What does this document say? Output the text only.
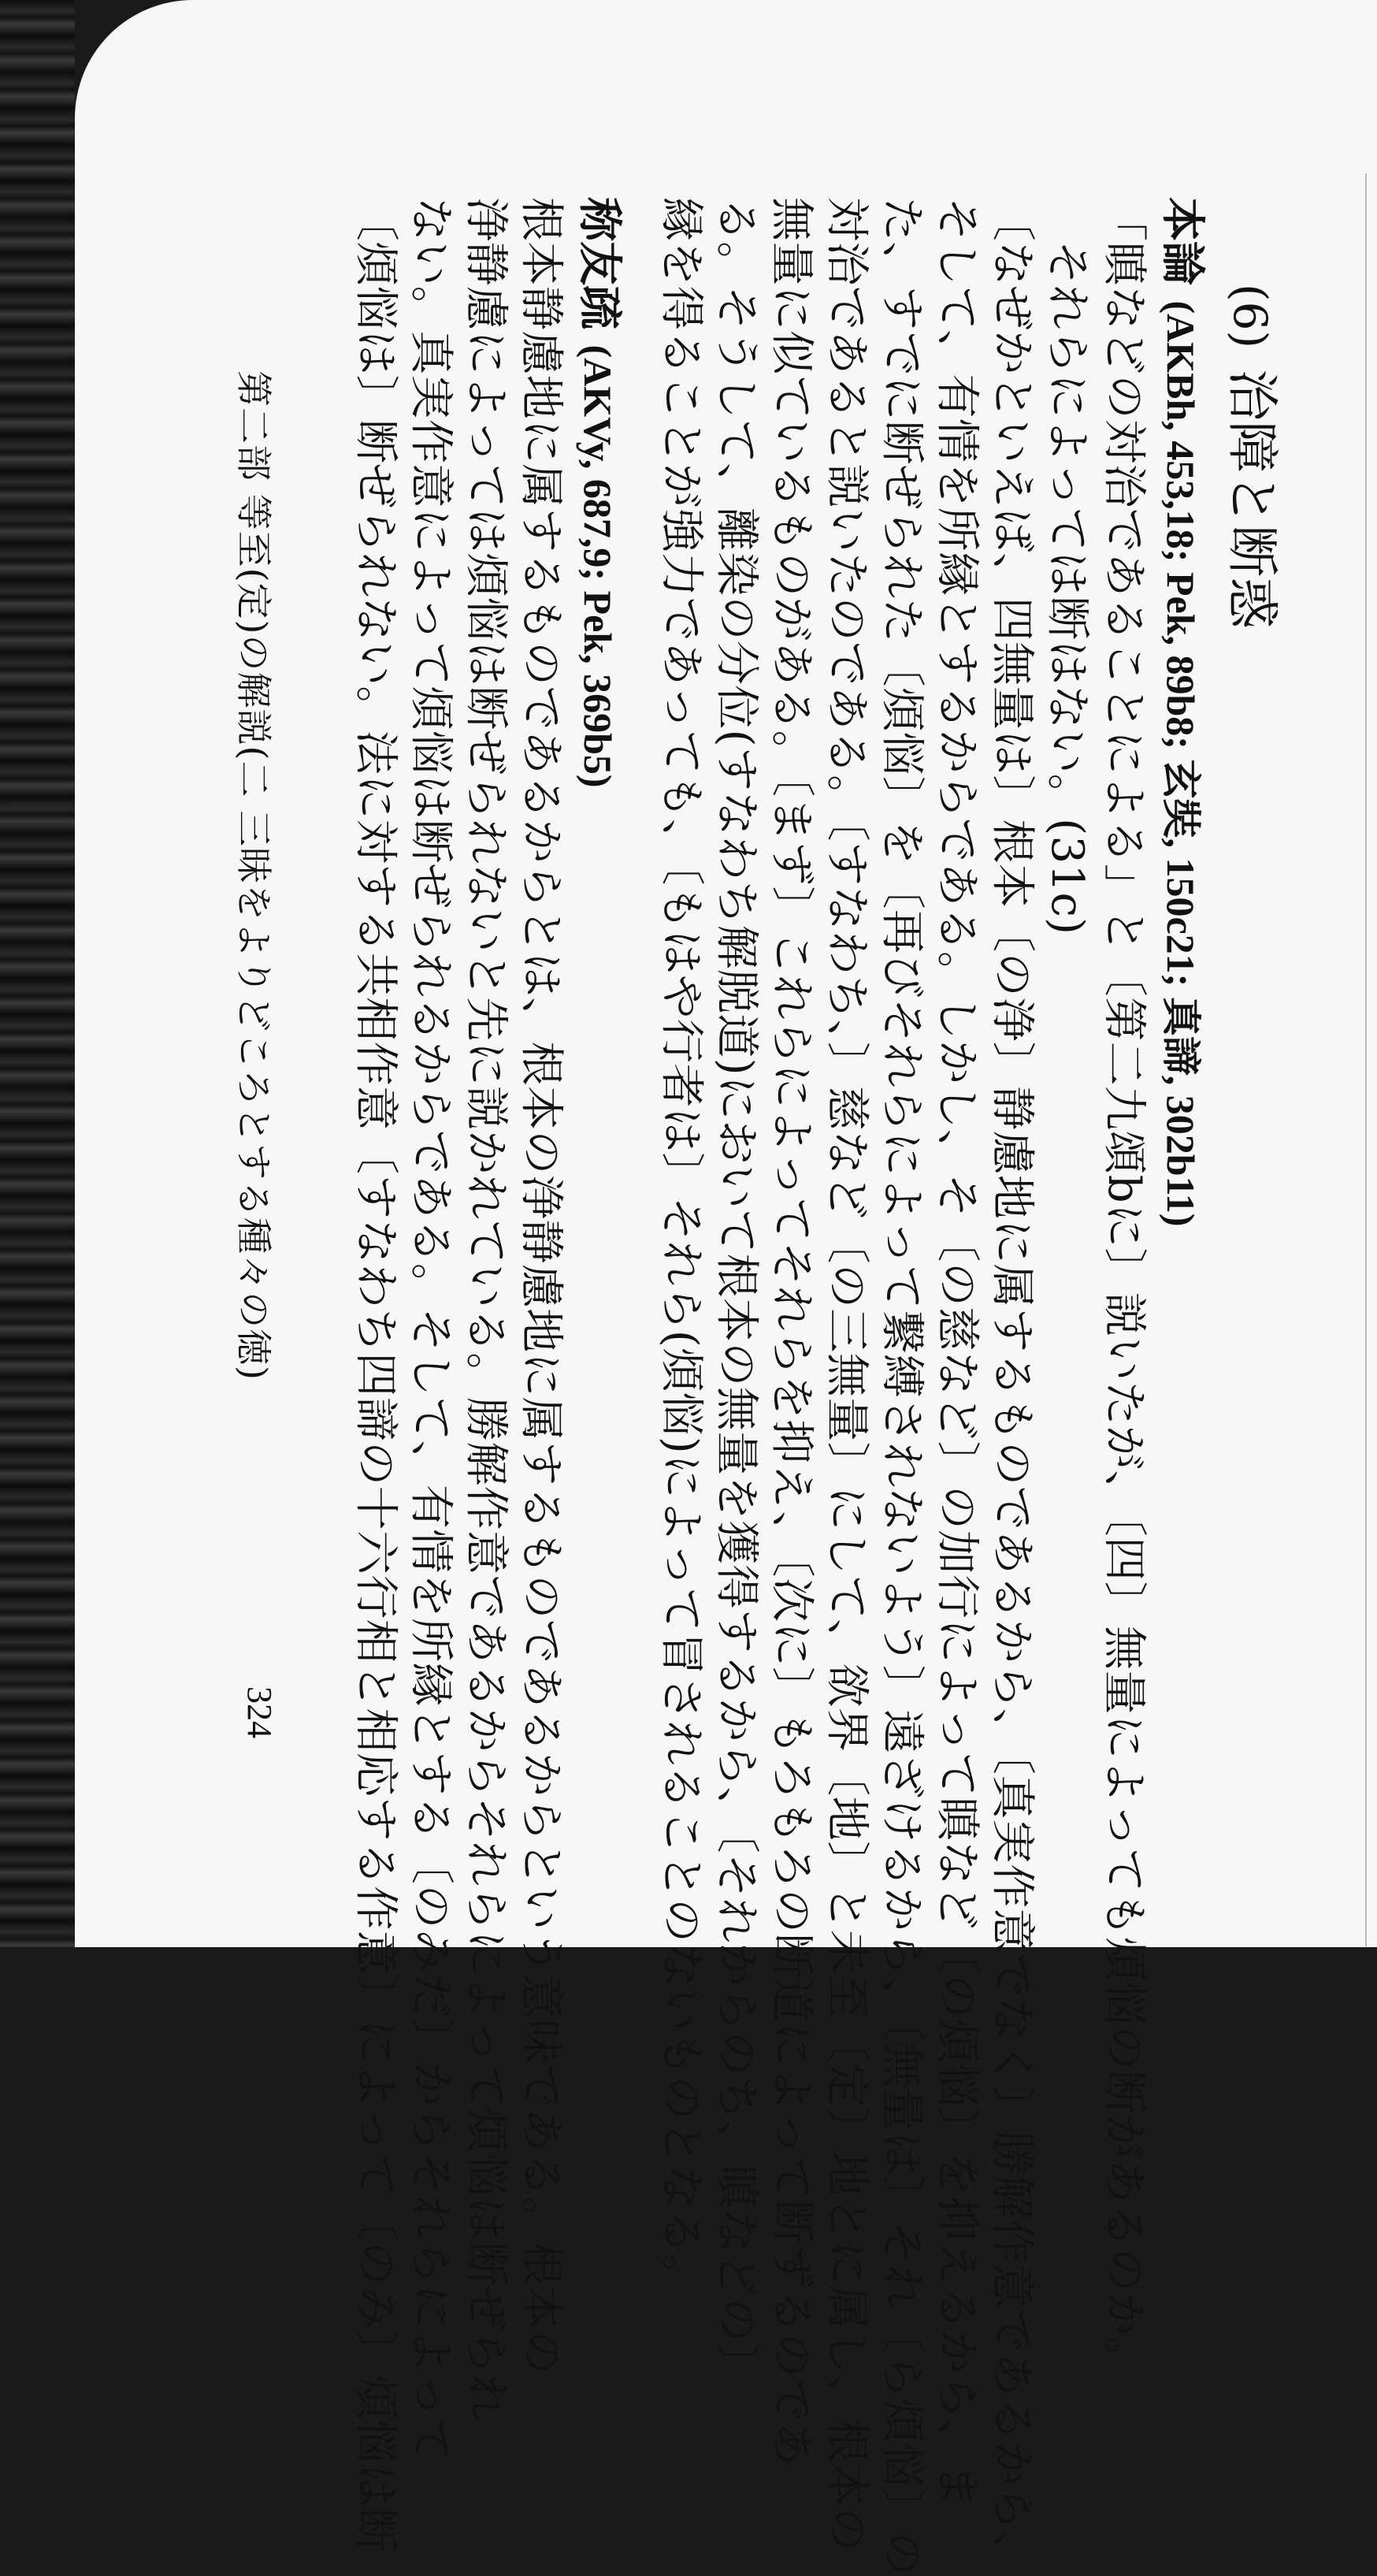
(6)治障と断惑
本論 (AKBh, 453,18; Pek, 89b8; 玄奘, 150c21; 真諦, 302b11)
「瞋などの対治であることによる」と〔第二九頌bに〕説いたが、〔四〕無量によっても煩悩の断があるのか。
それらによっては断はない。(31c)
〔なぜかといえば、四無量は〕根本〔の浄〕静慮地に属するものであるから、〔真実作意でなく〕勝解作意であるから、
そして、有情を所縁とするからである。しかし、そ〔の慈など〕の加行によって瞋など〔の煩悩〕を抑えるから、ま
た、すでに断ぜられた〔煩悩〕を〔再びそれらによって繋縛されないよう〕遠ざけるから、〔無量は〕それ〔ら煩悩〕の
対治であると説いたのである。〔すなわち、〕慈など〔の三無量〕にして、欲界〔地〕と未至〔定〕地とに属し、根本の
無量に似ているものがある。〔まず〕これらによってそれらを抑え、〔次に〕もろもろの断道によって断ずるのであ
る。そうして、離染の分位(すなわち解脱道)において根本の無量を獲得するから、〔それからのち、瞋などの〕
縁を得ることが強力であっても、〔もはや行者は〕それら(煩悩)によって冒されることのないものとなる。
称友疏 (AKVy, 687,9; Pek, 369b5)
根本静慮地に属するものであるからとは、根本の浄静慮地に属するものであるからという意味である。根本の
浄静慮によっては煩悩は断ぜられないと先に説かれている。勝解作意であるからそれらによって煩悩は断ぜられ
ない。真実作意によって煩悩は断ぜられるからである。そして、有情を所縁とする〔のみだ〕からそれらによって
〔煩悩は〕断ぜられない。法に対する共相作意〔すなわち四諦の十六行相と相応する作意〕によって〔のみ〕煩悩は断
第二部 等至(定)の解説(二 三昧をよりどころとする種々の徳)
324
